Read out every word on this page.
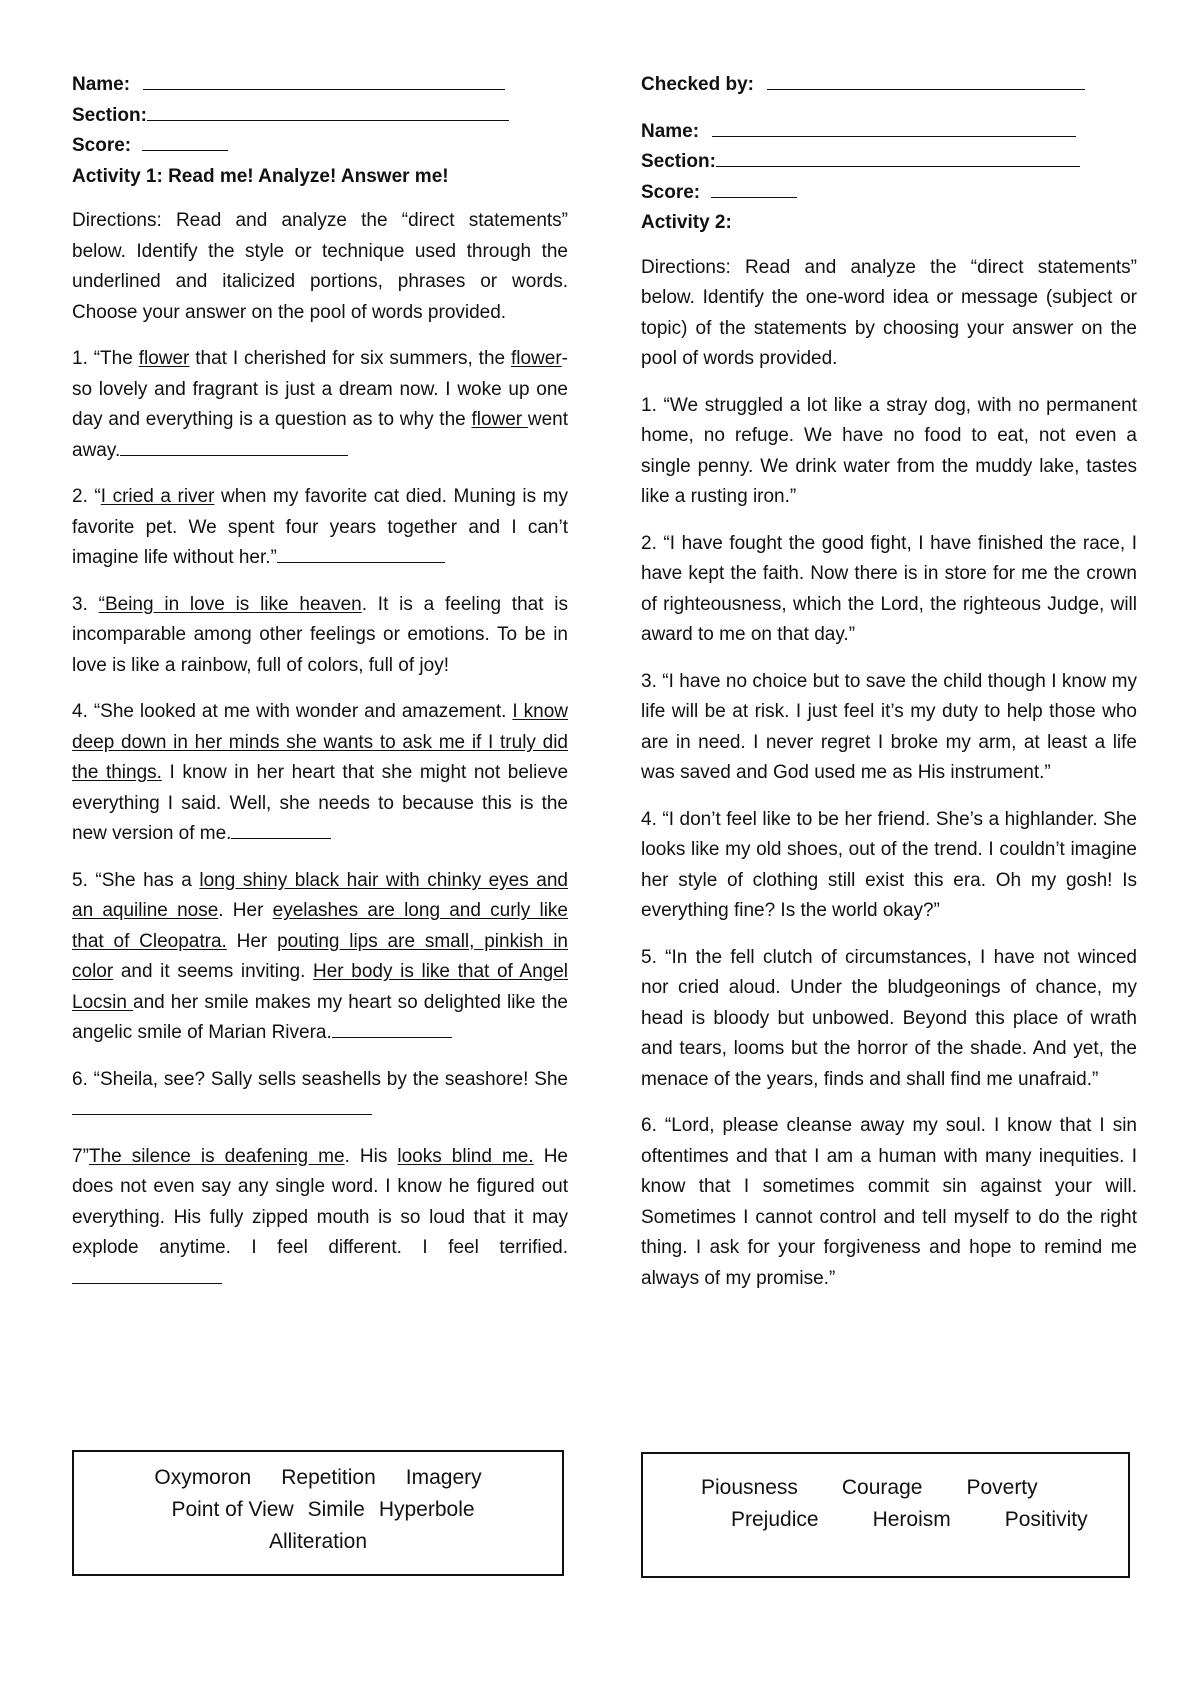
Name:

Section:

Score:

Activity 1: Read me! Analyze! Answer me!

Directions: Read and analyze the “direct statements” below. Identify the style or technique used through the underlined and italicized portions, phrases or words. Choose your answer on the pool of words provided.

1. “The flower that I cherished for six summers, the flower- so lovely and fragrant is just a dream now. I woke up one day and everything is a question as to why the flower went away.

2. “I cried a river when my favorite cat died. Muning is my favorite pet. We spent four years together and I can’t imagine life without her.”

3. “Being in love is like heaven. It is a feeling that is incomparable among other feelings or emotions. To be in love is like a rainbow, full of colors, full of joy!

4. “She looked at me with wonder and amazement. I know deep down in her minds she wants to ask me if I truly did the things. I know in her heart that she might not believe everything I said. Well, she needs to because this is the new version of me.

5. “She has a long shiny black hair with chinky eyes and an aquiline nose. Her eyelashes are long and curly like that of Cleopatra. Her pouting lips are small, pinkish in color and it seems inviting. Her body is like that of Angel Locsin and her smile makes my heart so delighted like the angelic smile of Marian Rivera.

6. “Sheila, see? Sally sells seashells by the seashore! She

7”The silence is deafening me. His looks blind me. He does not even say any single word. I know he figured out everything. His fully zipped mouth is so loud that it may explode anytime. I feel different. I feel terrified.

Oxymoron Repetition Imagery
Point of View Simile Hyperbole
Alliteration

Checked by:

Name:

Section:

Score:

Activity 2:

Directions: Read and analyze the “direct statements” below. Identify the one-word idea or message (subject or topic) of the statements by choosing your answer on the pool of words provided.

1. “We struggled a lot like a stray dog, with no permanent home, no refuge. We have no food to eat, not even a single penny. We drink water from the muddy lake, tastes like a rusting iron.”

2. “I have fought the good fight, I have finished the race, I have kept the faith. Now there is in store for me the crown of righteousness, which the Lord, the righteous Judge, will award to me on that day.”

3. “I have no choice but to save the child though I know my life will be at risk. I just feel it’s my duty to help those who are in need. I never regret I broke my arm, at least a life was saved and God used me as His instrument.”

4. “I don’t feel like to be her friend. She’s a highlander. She looks like my old shoes, out of the trend. I couldn’t imagine her style of clothing still exist this era. Oh my gosh! Is everything fine? Is the world okay?”

5. “In the fell clutch of circumstances, I have not winced nor cried aloud. Under the bludgeonings of chance, my head is bloody but unbowed. Beyond this place of wrath and tears, looms but the horror of the shade. And yet, the menace of the years, finds and shall find me unafraid.”

6. “Lord, please cleanse away my soul. I know that I sin oftentimes and that I am a human with many inequities. I know that I sometimes commit sin against your will. Sometimes I cannot control and tell myself to do the right thing. I ask for your forgiveness and hope to remind me always of my promise.”

Piousness Courage Poverty
Prejudice	Heroism	Positivity
